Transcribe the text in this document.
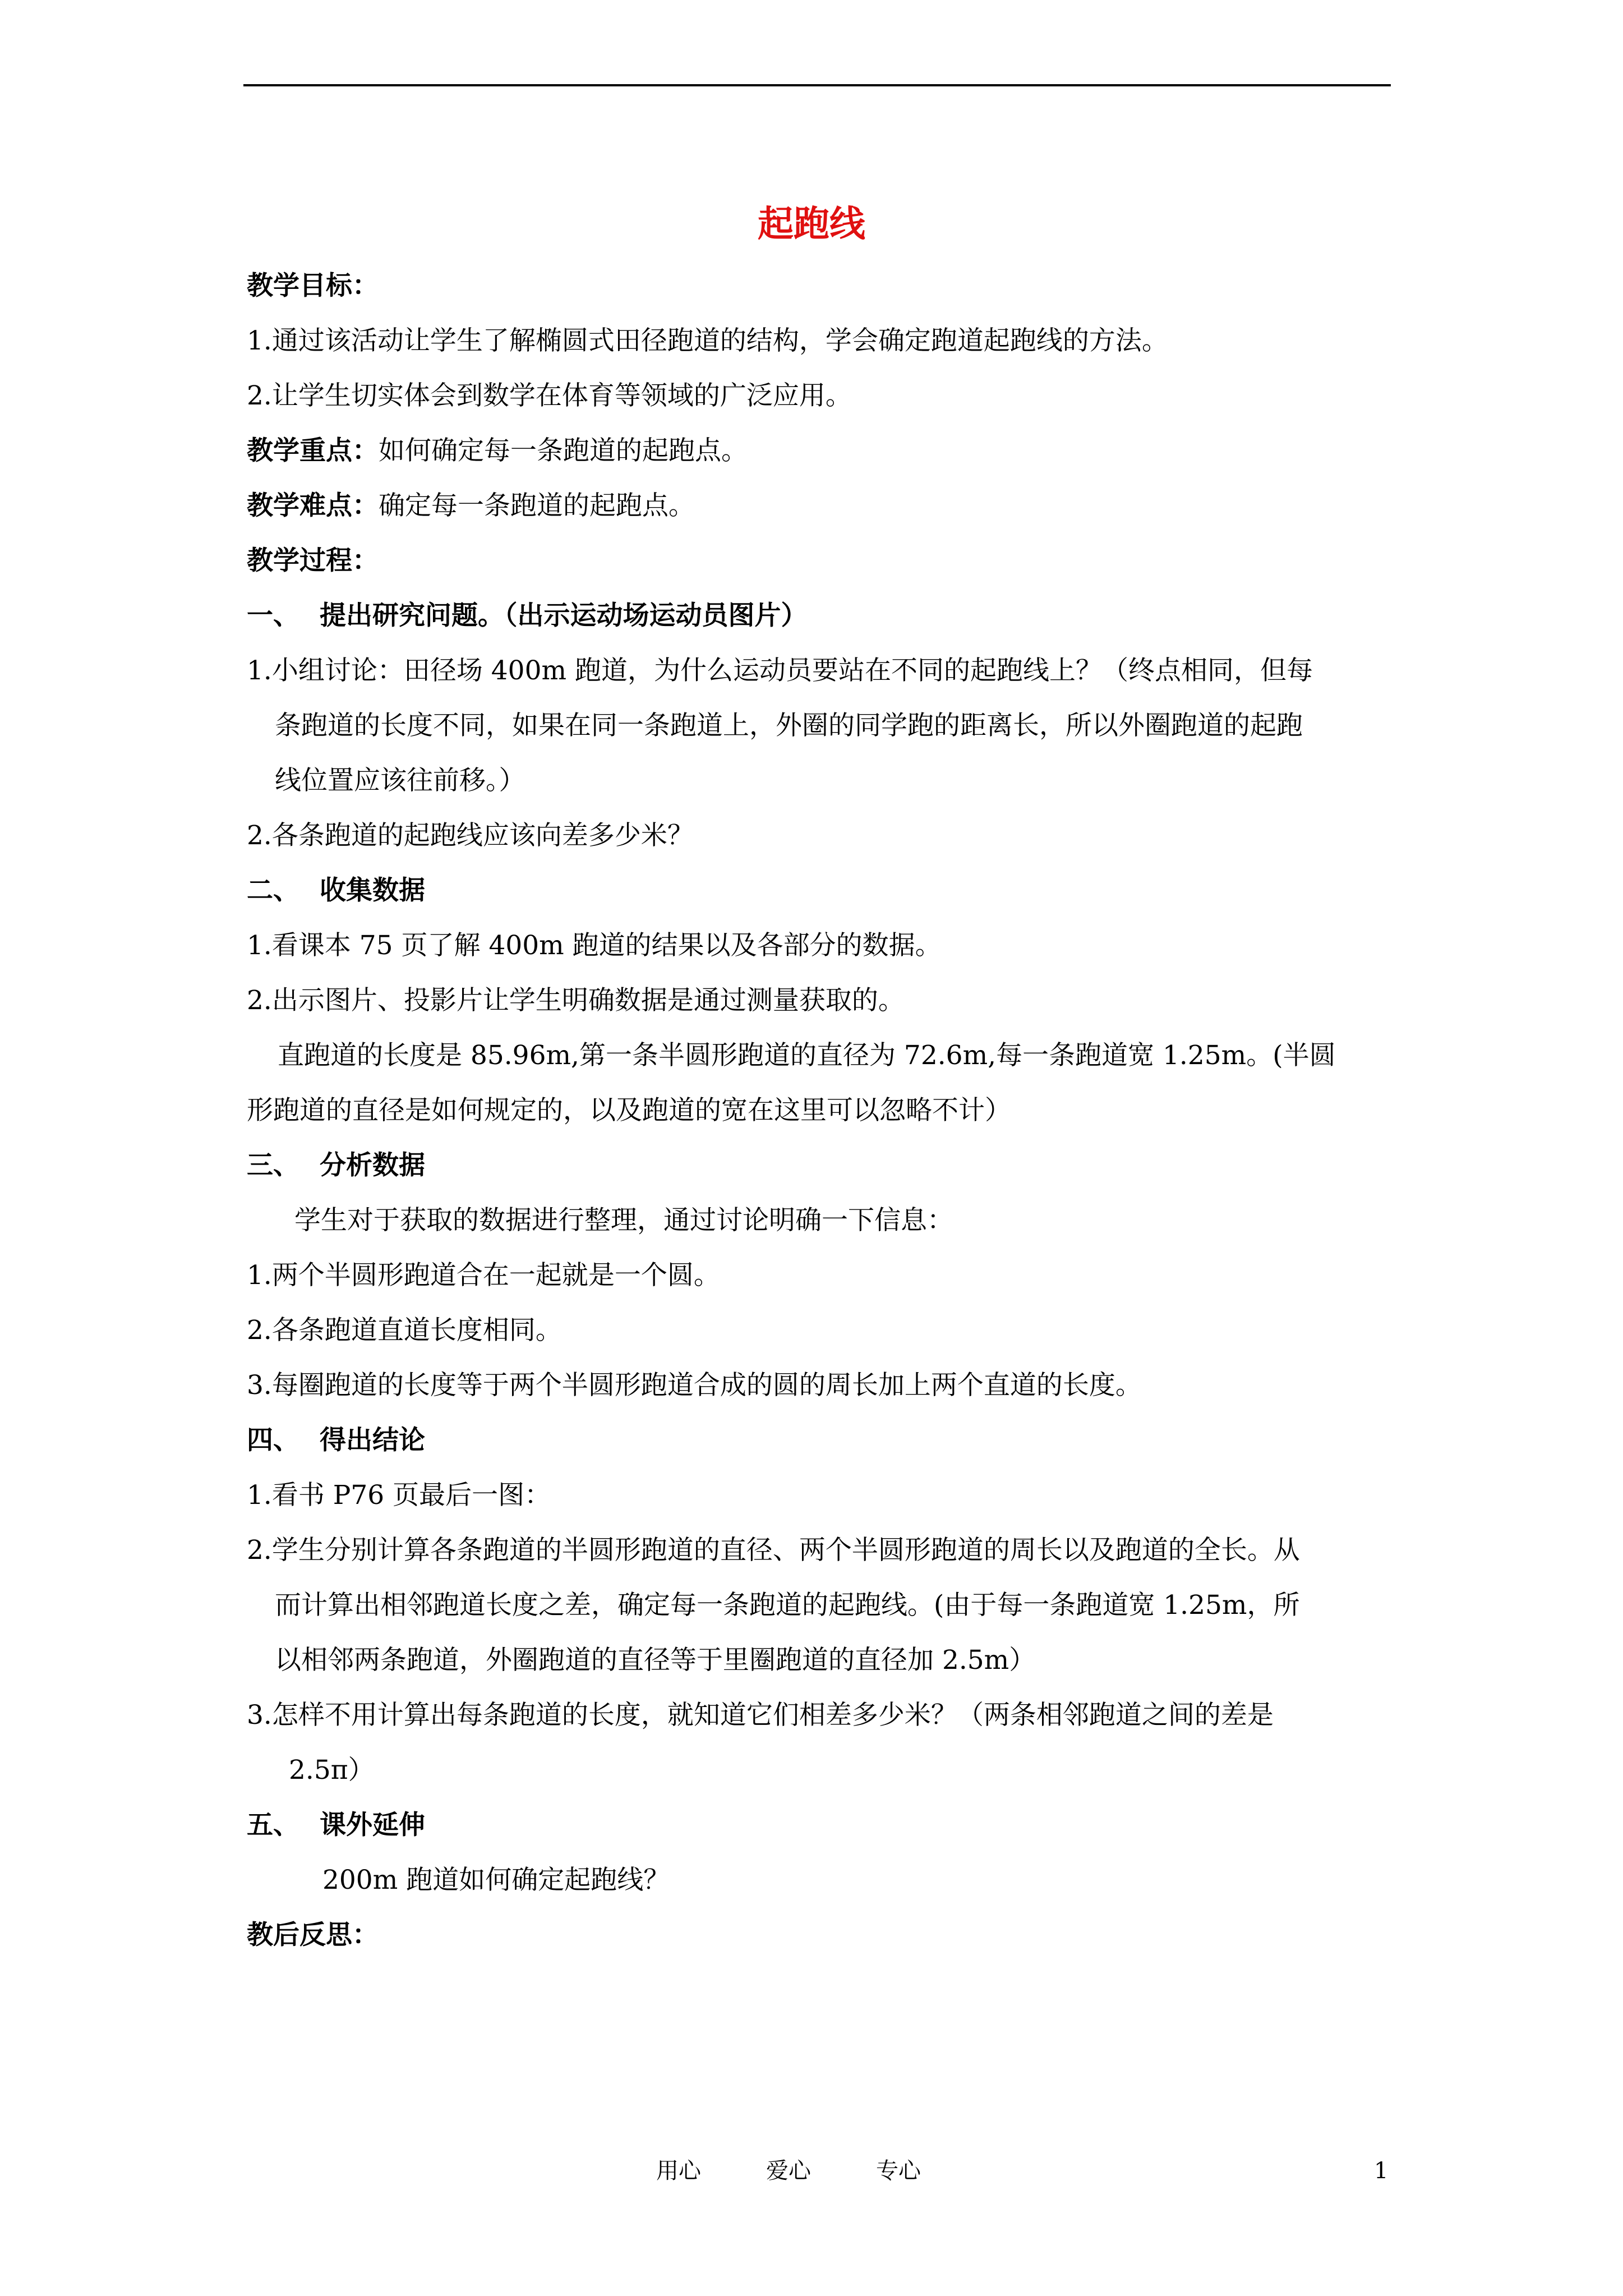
起跑线
教学目标：
1.通过该活动让学生了解椭圆式田径跑道的结构，学会确定跑道起跑线的方法。
2.让学生切实体会到数学在体育等领域的广泛应用。
教学重点：如何确定每一条跑道的起跑点。
教学难点：确定每一条跑道的起跑点。
教学过程：
一、 提出研究问题。（出示运动场运动员图片）
1.小组讨论：田径场 400m 跑道，为什么运动员要站在不同的起跑线上？（终点相同，但每
条跑道的长度不同，如果在同一条跑道上，外圈的同学跑的距离长，所以外圈跑道的起跑
线位置应该往前移。）
2.各条跑道的起跑线应该向差多少米？
二、 收集数据
1.看课本 75 页了解 400m 跑道的结果以及各部分的数据。
2.出示图片、投影片让学生明确数据是通过测量获取的。
直跑道的长度是 85.96m,第一条半圆形跑道的直径为 72.6m,每一条跑道宽 1.25m。(半圆
形跑道的直径是如何规定的，以及跑道的宽在这里可以忽略不计）
三、 分析数据
学生对于获取的数据进行整理，通过讨论明确一下信息：
1.两个半圆形跑道合在一起就是一个圆。
2.各条跑道直道长度相同。
3.每圈跑道的长度等于两个半圆形跑道合成的圆的周长加上两个直道的长度。
四、 得出结论
1.看书 P76 页最后一图：
2.学生分别计算各条跑道的半圆形跑道的直径、两个半圆形跑道的周长以及跑道的全长。从
而计算出相邻跑道长度之差，确定每一条跑道的起跑线。(由于每一条跑道宽 1.25m，所
以相邻两条跑道，外圈跑道的直径等于里圈跑道的直径加 2.5m）
3.怎样不用计算出每条跑道的长度，就知道它们相差多少米？（两条相邻跑道之间的差是
2.5π）
五、 课外延伸
200m 跑道如何确定起跑线？
教后反思：
用心	爱心	专心	1
